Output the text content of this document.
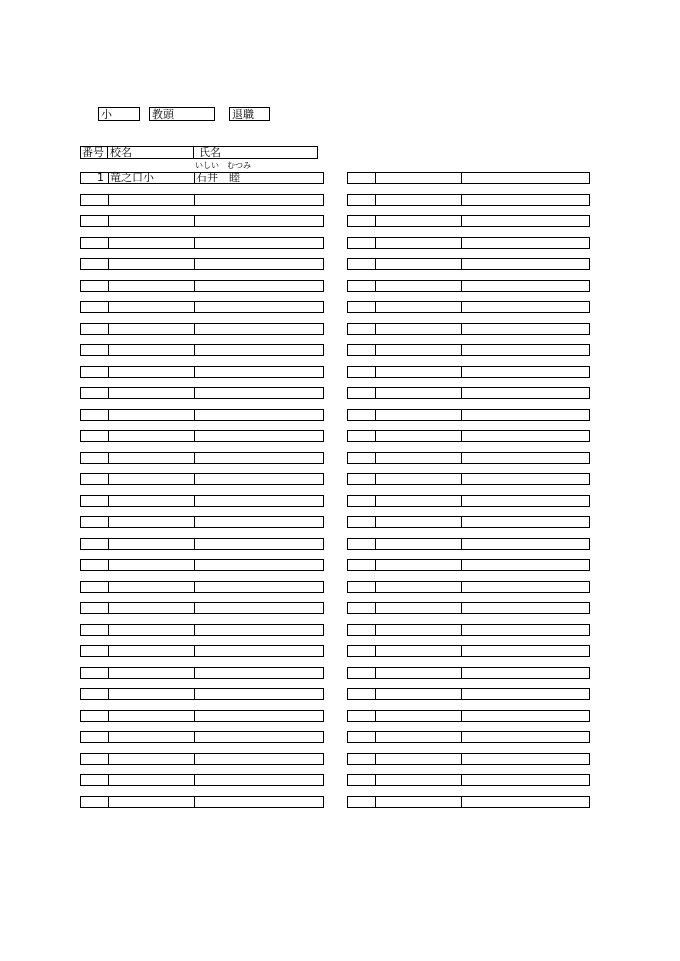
小	教頭	退職
番号 校名	氏名
いしい　むつみ
1 竜之口小	石井　睦
